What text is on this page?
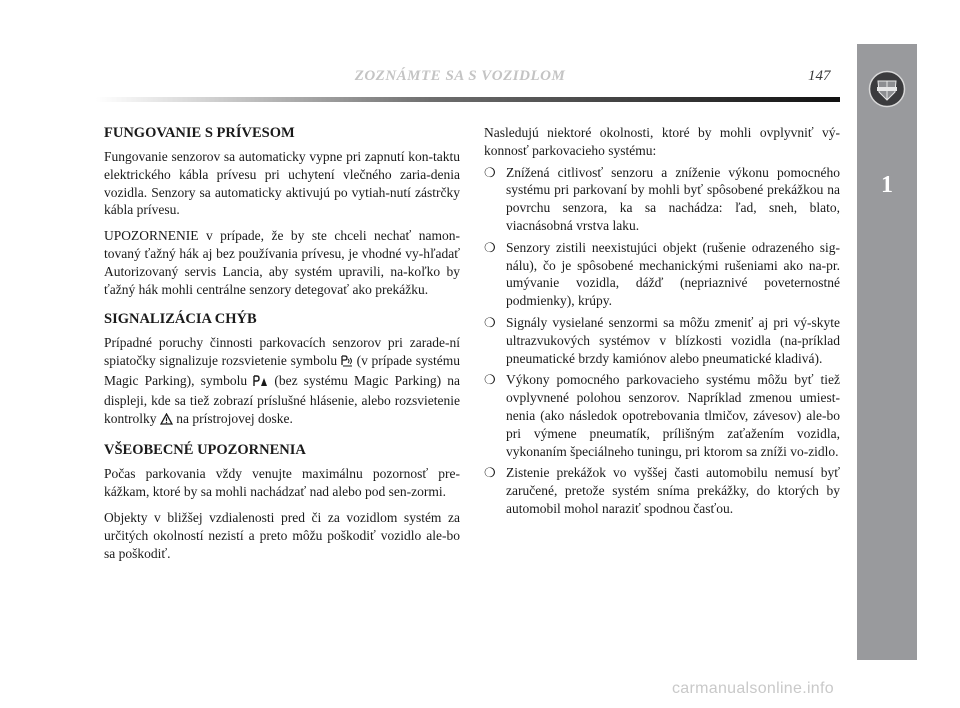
ZOZNÁMTE SA S VOZIDLOM	147
1
FUNGOVANIE S PRÍVESOM

Fungovanie senzorov sa automaticky vypne pri zapnutí kon-taktu elektrického kábla prívesu pri uchytení vlečného zaria-denia vozidla. Senzory sa automaticky aktivujú po vytiah-nutí zástrčky kábla prívesu.

UPOZORNENIE v prípade, že by ste chceli nechať namon-tovaný ťažný hák aj bez používania prívesu, je vhodné vy-hľadať Autorizovaný servis Lancia, aby systém upravili, na-koľko by ťažný hák mohli centrálne senzory detegovať ako prekážku.

SIGNALIZÁCIA CHÝB

Prípadné poruchy činnosti parkovacích senzorov pri zarade-ní spiatočky signalizuje rozsvietenie symbolu  (v prípade systému Magic Parking), symbolu  (bez systému Magic Parking) na displeji, kde sa tiež zobrazí príslušné hlásenie, alebo rozsvietenie kontrolky  na prístrojovej doske.

VŠEOBECNÉ UPOZORNENIA

Počas parkovania vždy venujte maximálnu pozornosť pre-kážkam, ktoré by sa mohli nachádzať nad alebo pod sen-zormi.

Objekty v bližšej vzdialenosti pred či za vozidlom systém za určitých okolností nezistí a preto môžu poškodiť vozidlo ale-bo sa poškodiť.

Nasledujú niektoré okolnosti, ktoré by mohli ovplyvniť vý-konnosť parkovacieho systému:

❍ Znížená citlivosť senzoru a zníženie výkonu pomocného systému pri parkovaní by mohli byť spôsobené prekážkou na povrchu senzora, ka sa nachádza: ľad, sneh, blato, viacnásobná vrstva laku.
❍ Senzory zistili neexistujúci objekt (rušenie odrazeného sig-nálu), čo je spôsobené mechanickými rušeniami ako na-pr. umývanie vozidla, dážď (nepriaznivé poveternostné podmienky), krúpy.
❍ Signály vysielané senzormi sa môžu zmeniť aj pri vý-skyte ultrazvukových systémov v blízkosti vozidla (na-príklad pneumatické brzdy kamiónov alebo pneumatické kladivá).
❍ Výkony pomocného parkovacieho systému môžu byť tiež ovplyvnené polohou senzorov. Napríklad zmenou umiest-nenia (ako následok opotrebovania tlmičov, závesov) ale-bo pri výmene pneumatík, prílišným zaťažením vozidla, vykonaním špeciálneho tuningu, pri ktorom sa zníži vo-zidlo.
❍ Zistenie prekážok vo vyššej časti automobilu nemusí byť zaručené, pretože systém sníma prekážky, do ktorých by automobil mohol naraziť spodnou časťou.
carmanualsonline.info
